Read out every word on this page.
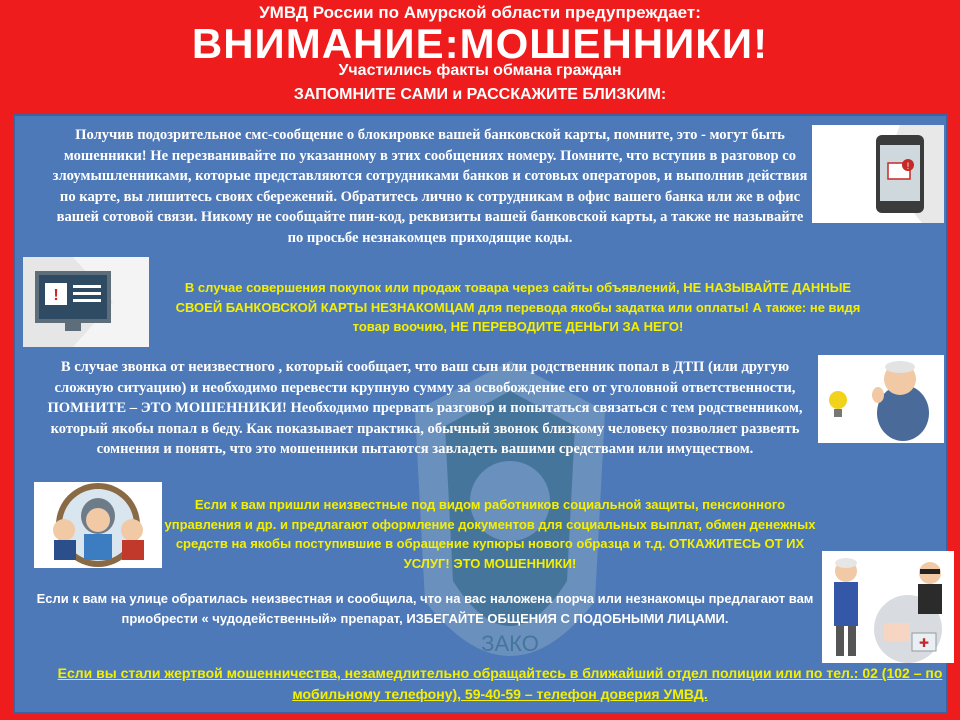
УМВД России по Амурской области предупреждает:
ВНИМАНИЕ:МОШЕННИКИ!
Участились факты обмана граждан
ЗАПОМНИТЕ САМИ и РАССКАЖИТЕ БЛИЗКИМ:
ЗАКО
!
!
✚
Получив подозрительное смс-сообщение о блокировке вашей банковской карты, помните, это - могут быть мошенники! Не перезванивайте по указанному в этих сообщениях номеру. Помните, что вступив в разговор со злоумышленниками, которые представляются сотрудниками банков и сотовых операторов, и выполнив действия по карте, вы лишитесь своих сбережений. Обратитесь лично к сотрудникам в офис вашего банка или же в офис вашей сотовой связи. Никому не сообщайте пин-код, реквизиты вашей банковской карты, а также не называйте по просьбе незнакомцев приходящие коды.
В случае совершения покупок или продаж товара через сайты объявлений, НЕ НАЗЫВАЙТЕ ДАННЫЕ СВОЕЙ БАНКОВСКОЙ КАРТЫ НЕЗНАКОМЦАМ для перевода якобы задатка или оплаты! А также: не видя товар воочию, НЕ ПЕРЕВОДИТЕ ДЕНЬГИ ЗА НЕГО!
В случае звонка от неизвестного , который сообщает, что ваш сын или родственник попал в ДТП (или другую сложную ситуацию) и необходимо перевести крупную сумму за освобождение его от уголовной ответственности, ПОМНИТЕ – ЭТО МОШЕННИКИ! Необходимо прервать разговор и попытаться связаться с тем родственником, который якобы попал в беду. Как показывает практика, обычный звонок близкому человеку позволяет развеять сомнения и понять, что это мошенники пытаются завладеть вашими средствами или имуществом.
Если к вам пришли неизвестные под видом работников социальной защиты, пенсионного управления и др. и предлагают оформление документов для социальных выплат, обмен денежных средств на якобы поступившие в обращение купюры нового образца и т.д. ОТКАЖИТЕСЬ ОТ ИХ УСЛУГ! ЭТО МОШЕННИКИ!
Если к вам на улице обратилась неизвестная и сообщила, что на вас наложена порча или незнакомцы предлагают вам приобрести « чудодейственный» препарат, ИЗБЕГАЙТЕ ОБЩЕНИЯ С ПОДОБНЫМИ ЛИЦАМИ.
Если вы стали жертвой мошенничества, незамедлительно обращайтесь в ближайший отдел полиции или по тел.: 02 (102 – по мобильному телефону), 59-40-59 – телефон доверия УМВД.
